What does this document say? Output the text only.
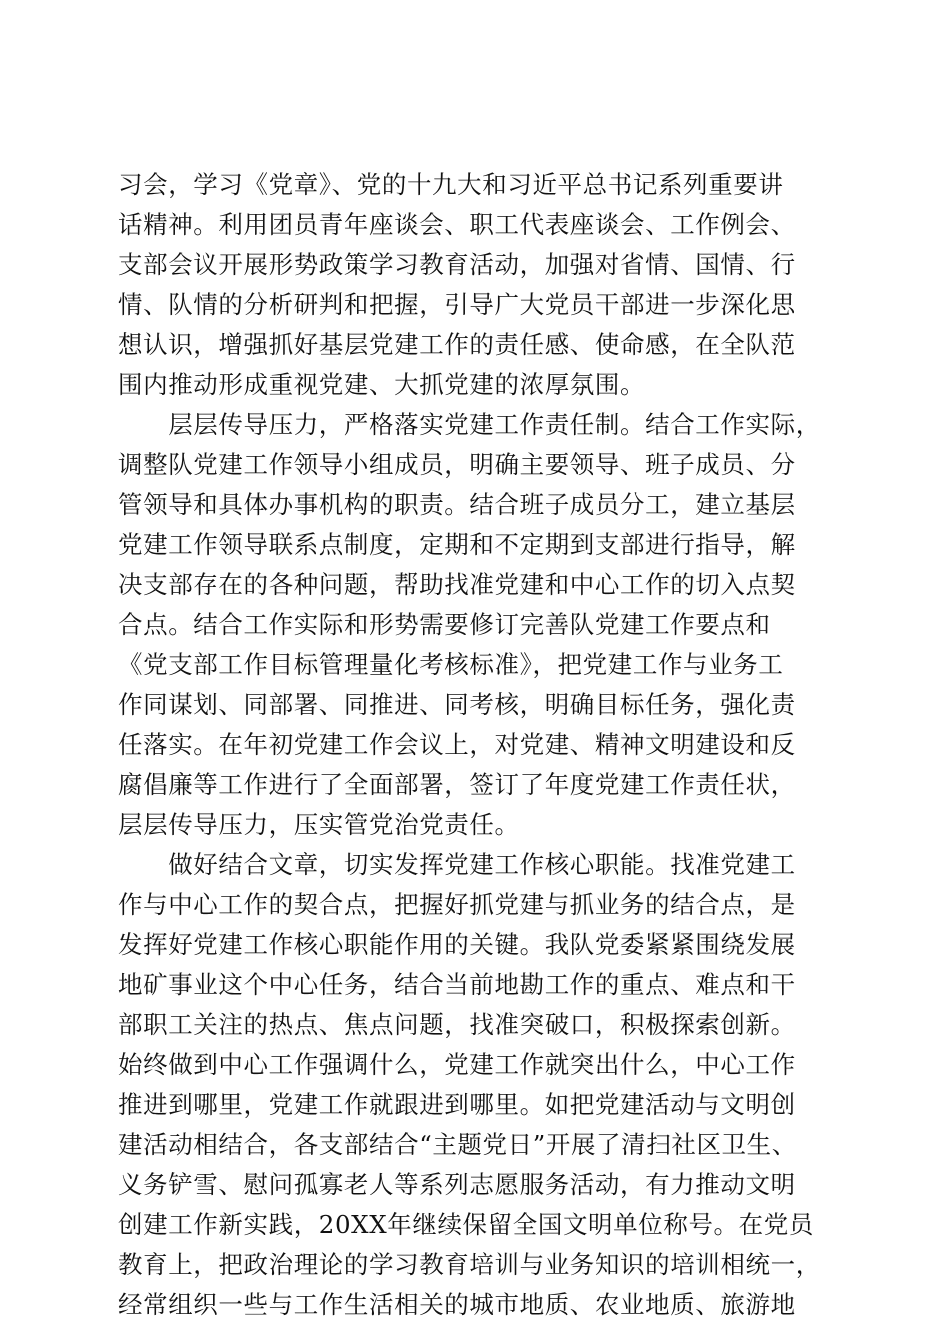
习会，学习《党章》、党的十九大和习近平总书记系列重要讲
话精神。利用团员青年座谈会、职工代表座谈会、工作例会、
支部会议开展形势政策学习教育活动，加强对省情、国情、行
情、队情的分析研判和把握，引导广大党员干部进一步深化思
想认识，增强抓好基层党建工作的责任感、使命感，在全队范
围内推动形成重视党建、大抓党建的浓厚氛围。
　　层层传导压力，严格落实党建工作责任制。结合工作实际，
调整队党建工作领导小组成员，明确主要领导、班子成员、分
管领导和具体办事机构的职责。结合班子成员分工，建立基层
党建工作领导联系点制度，定期和不定期到支部进行指导，解
决支部存在的各种问题，帮助找准党建和中心工作的切入点契
合点。结合工作实际和形势需要修订完善队党建工作要点和
《党支部工作目标管理量化考核标准》，把党建工作与业务工
作同谋划、同部署、同推进、同考核，明确目标任务，强化责
任落实。在年初党建工作会议上，对党建、精神文明建设和反
腐倡廉等工作进行了全面部署，签订了年度党建工作责任状，
层层传导压力，压实管党治党责任。
　　做好结合文章，切实发挥党建工作核心职能。找准党建工
作与中心工作的契合点，把握好抓党建与抓业务的结合点，是
发挥好党建工作核心职能作用的关键。我队党委紧紧围绕发展
地矿事业这个中心任务，结合当前地勘工作的重点、难点和干
部职工关注的热点、焦点问题，找准突破口，积极探索创新。
始终做到中心工作强调什么，党建工作就突出什么，中心工作
推进到哪里，党建工作就跟进到哪里。如把党建活动与文明创
建活动相结合，各支部结合“主题党日”开展了清扫社区卫生、
义务铲雪、慰问孤寡老人等系列志愿服务活动，有力推动文明
创建工作新实践，20XX年继续保留全国文明单位称号。在党员
教育上，把政治理论的学习教育培训与业务知识的培训相统一，
经常组织一些与工作生活相关的城市地质、农业地质、旅游地
